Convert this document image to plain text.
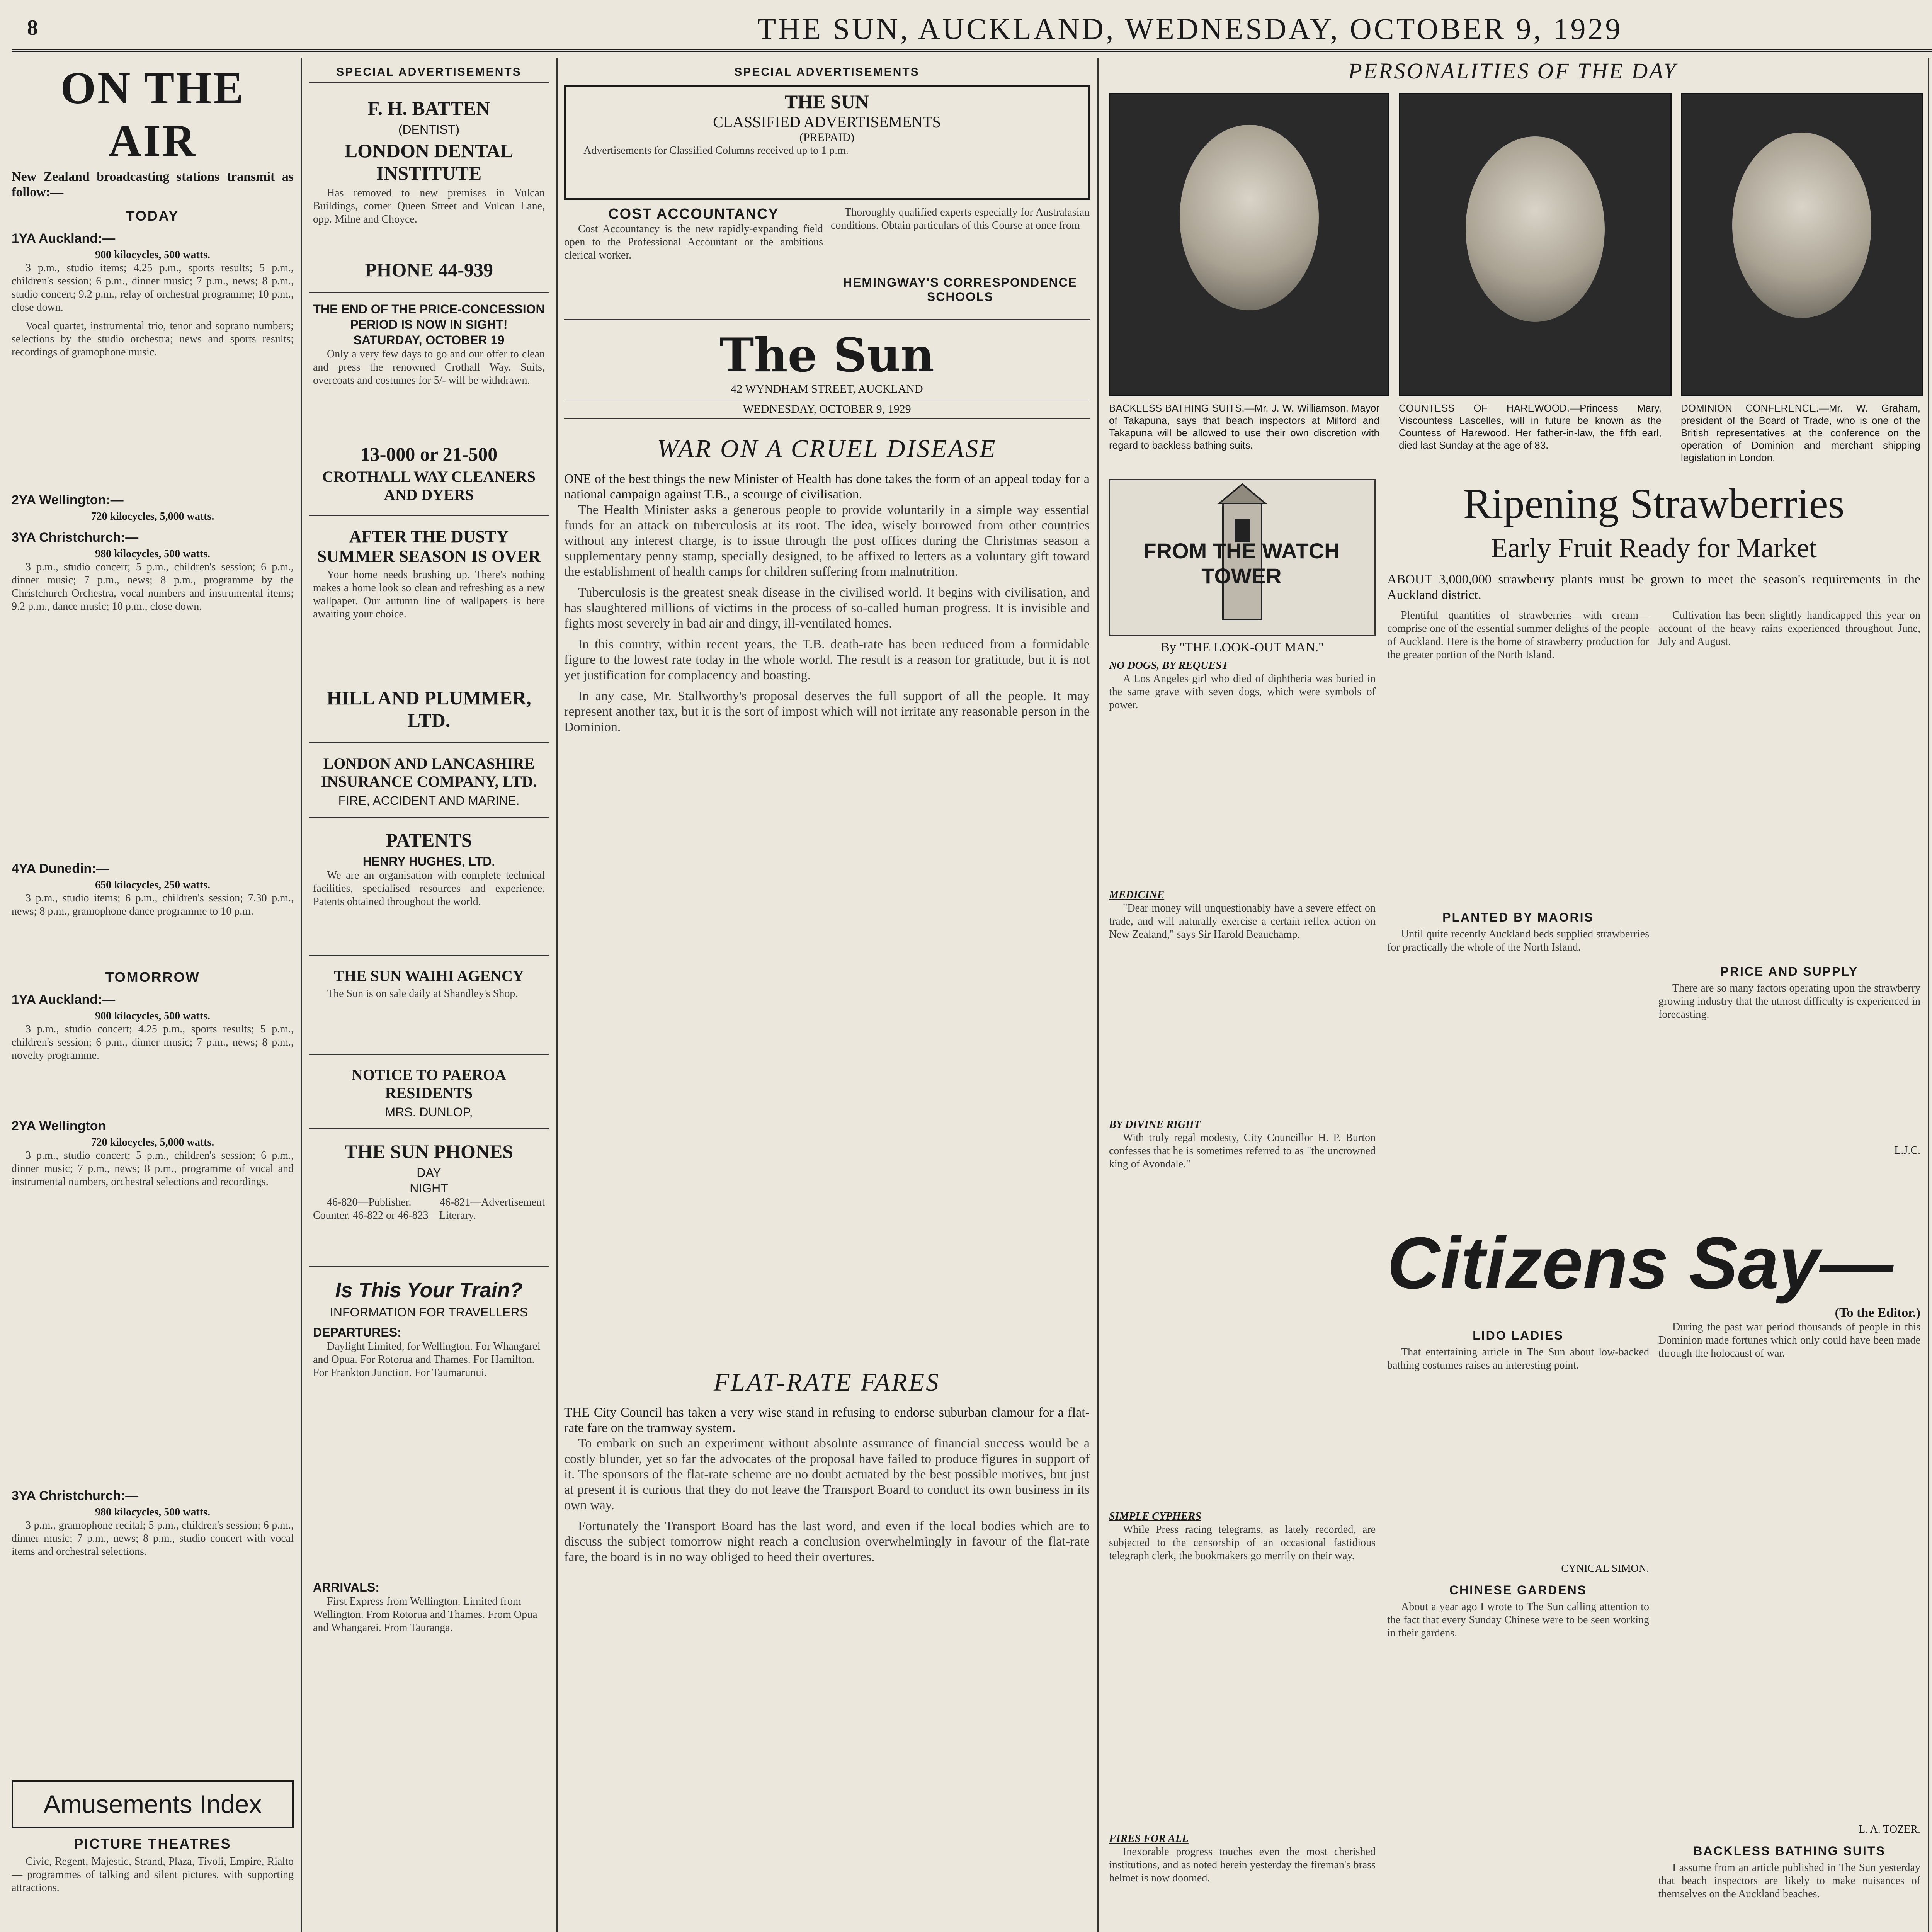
8	THE SUN, AUCKLAND, WEDNESDAY, OCTOBER 9, 1929
ON THE AIR
New Zealand broadcasting stations transmit as follow:—
TODAY
1YA Auckland:—
900 kilocycles, 500 watts.

3 p.m., studio items; 4.25 p.m., sports results; 5 p.m., children's session; 6 p.m., dinner music; 7 p.m., news; 8 p.m., studio concert; 9.2 p.m., relay of orchestral programme; 10 p.m., close down.

Vocal quartet, instrumental trio, tenor and soprano numbers; selections by the studio orchestra; news and sports results; recordings of gramophone music.

2YA Wellington:—
720 kilocycles, 5,000 watts.
3YA Christchurch:—
980 kilocycles, 500 watts.

3 p.m., studio concert; 5 p.m., children's session; 6 p.m., dinner music; 7 p.m., news; 8 p.m., programme by the Christchurch Orchestra, vocal numbers and instrumental items; 9.2 p.m., dance music; 10 p.m., close down.

4YA Dunedin:—
650 kilocycles, 250 watts.

3 p.m., studio items; 6 p.m., children's session; 7.30 p.m., news; 8 p.m., gramophone dance programme to 10 p.m.

TOMORROW
1YA Auckland:—
900 kilocycles, 500 watts.

3 p.m., studio concert; 4.25 p.m., sports results; 5 p.m., children's session; 6 p.m., dinner music; 7 p.m., news; 8 p.m., novelty programme.

2YA Wellington
720 kilocycles, 5,000 watts.

3 p.m., studio concert; 5 p.m., children's session; 6 p.m., dinner music; 7 p.m., news; 8 p.m., programme of vocal and instrumental numbers, orchestral selections and recordings.

3YA Christchurch:—
980 kilocycles, 500 watts.

3 p.m., gramophone recital; 5 p.m., children's session; 6 p.m., dinner music; 7 p.m., news; 8 p.m., studio concert with vocal items and orchestral selections.

Amusements Index
PICTURE THEATRES

Civic, Regent, Majestic, Strand, Plaza, Tivoli, Empire, Rialto — programmes of talking and silent pictures, with supporting attractions.

SPECIAL ADVERTISEMENTS
F. H. BATTEN
(DENTIST)
LONDON DENTAL INSTITUTE

Has removed to new premises in Vulcan Buildings, corner Queen Street and Vulcan Lane, opp. Milne and Choyce.

PHONE 44-939
THE END OF THE PRICE-CONCESSION PERIOD IS NOW IN SIGHT!
SATURDAY, OCTOBER 19

Only a very few days to go and our offer to clean and press the renowned Crothall Way. Suits, overcoats and costumes for 5/- will be withdrawn.

13-000 or 21-500
CROTHALL WAY CLEANERS AND DYERS
AFTER THE DUSTY SUMMER SEASON IS OVER

Your home needs brushing up. There's nothing makes a home look so clean and refreshing as a new wallpaper. Our autumn line of wallpapers is here awaiting your choice.

HILL AND PLUMMER, LTD.
LONDON AND LANCASHIRE INSURANCE COMPANY, LTD.
FIRE, ACCIDENT AND MARINE.
PATENTS
HENRY HUGHES, LTD.

We are an organisation with complete technical facilities, specialised resources and experience. Patents obtained throughout the world.

THE SUN WAIHI AGENCY

The Sun is on sale daily at Shandley's Shop.

NOTICE TO PAEROA RESIDENTS
MRS. DUNLOP,
THE SUN PHONES
DAY
NIGHT

46-820—Publisher. 46-821—Advertisement Counter. 46-822 or 46-823—Literary.

Is This Your Train?
INFORMATION FOR TRAVELLERS
DEPARTURES:

Daylight Limited, for Wellington. For Whangarei and Opua. For Rotorua and Thames. For Hamilton. For Frankton Junction. For Taumarunui.

ARRIVALS:

First Express from Wellington. Limited from Wellington. From Rotorua and Thames. From Opua and Whangarei. From Tauranga.

SPECIAL ADVERTISEMENTS
THE SUN
CLASSIFIED ADVERTISEMENTS
(PREPAID)

Advertisements for Classified Columns received up to 1 p.m.

COST ACCOUNTANCY

Cost Accountancy is the new rapidly-expanding field open to the Professional Accountant or the ambitious clerical worker.

Thoroughly qualified experts especially for Australasian conditions. Obtain particulars of this Course at once from

HEMINGWAY'S CORRESPONDENCE SCHOOLS
The Sun
42 WYNDHAM STREET, AUCKLAND
WEDNESDAY, OCTOBER 9, 1929
WAR ON A CRUEL DISEASE
ONE of the best things the new Minister of Health has done takes the form of an appeal today for a national campaign against T.B., a scourge of civilisation.

The Health Minister asks a generous people to provide voluntarily in a simple way essential funds for an attack on tuberculosis at its root. The idea, wisely borrowed from other countries without any interest charge, is to issue through the post offices during the Christmas season a supplementary penny stamp, specially designed, to be affixed to letters as a voluntary gift toward the establishment of health camps for children suffering from malnutrition.

Tuberculosis is the greatest sneak disease in the civilised world. It begins with civilisation, and has slaughtered millions of victims in the process of so-called human progress. It is invisible and fights most severely in bad air and dingy, ill-ventilated homes.

In this country, within recent years, the T.B. death-rate has been reduced from a formidable figure to the lowest rate today in the whole world. The result is a reason for gratitude, but it is not yet justification for complacency and boasting.

In any case, Mr. Stallworthy's proposal deserves the full support of all the people. It may represent another tax, but it is the sort of impost which will not irritate any reasonable person in the Dominion.

FLAT-RATE FARES
THE City Council has taken a very wise stand in refusing to endorse suburban clamour for a flat-rate fare on the tramway system.

To embark on such an experiment without absolute assurance of financial success would be a costly blunder, yet so far the advocates of the proposal have failed to produce figures in support of it. The sponsors of the flat-rate scheme are no doubt actuated by the best possible motives, but just at present it is curious that they do not leave the Transport Board to conduct its own business in its own way.

Fortunately the Transport Board has the last word, and even if the local bodies which are to discuss the subject tomorrow night reach a conclusion overwhelmingly in favour of the flat-rate fare, the board is in no way obliged to heed their overtures.

PERSONALITIES OF THE DAY
BACKLESS BATHING SUITS.—Mr. J. W. Williamson, Mayor of Takapuna, says that beach inspectors at Milford and Takapuna will be allowed to use their own discretion with regard to backless bathing suits.
COUNTESS OF HAREWOOD.—Princess Mary, Viscountess Lascelles, will in future be known as the Countess of Harewood. Her father-in-law, the fifth earl, died last Sunday at the age of 83.
DOMINION CONFERENCE.—Mr. W. Graham, president of the Board of Trade, who is one of the British representatives at the conference on the operation of Dominion and merchant shipping legislation in London.
FROM THE WATCH TOWER
By "THE LOOK-OUT MAN."
NO DOGS, BY REQUEST

A Los Angeles girl who died of diphtheria was buried in the same grave with seven dogs, which were symbols of power.

MEDICINE

"Dear money will unquestionably have a severe effect on trade, and will naturally exercise a certain reflex action on New Zealand," says Sir Harold Beauchamp.

BY DIVINE RIGHT

With truly regal modesty, City Councillor H. P. Burton confesses that he is sometimes referred to as "the uncrowned king of Avondale."

SIMPLE CYPHERS

While Press racing telegrams, as lately recorded, are subjected to the censorship of an occasional fastidious telegraph clerk, the bookmakers go merrily on their way.

FIRES FOR ALL

Inexorable progress touches even the most cherished institutions, and as noted herein yesterday the fireman's brass helmet is now doomed.

Ripening Strawberries
Early Fruit Ready for Market
ABOUT 3,000,000 strawberry plants must be grown to meet the season's requirements in the Auckland district.

Plentiful quantities of strawberries—with cream—comprise one of the essential summer delights of the people of Auckland. Here is the home of strawberry production for the greater portion of the North Island.

PLANTED BY MAORIS

Until quite recently Auckland beds supplied strawberries for practically the whole of the North Island.

Cultivation has been slightly handicapped this year on account of the heavy rains experienced throughout June, July and August.

PRICE AND SUPPLY

There are so many factors operating upon the strawberry growing industry that the utmost difficulty is experienced in forecasting.

L.J.C.
Citizens Say—
(To the Editor.)
LIDO LADIES

That entertaining article in The Sun about low-backed bathing costumes raises an interesting point.

CYNICAL SIMON.
CHINESE GARDENS

About a year ago I wrote to The Sun calling attention to the fact that every Sunday Chinese were to be seen working in their gardens.

During the past war period thousands of people in this Dominion made fortunes which only could have been made through the holocaust of war.

L. A. TOZER.
BACKLESS BATHING SUITS

I assume from an article published in The Sun yesterday that beach inspectors are likely to make nuisances of themselves on the Auckland beaches.
